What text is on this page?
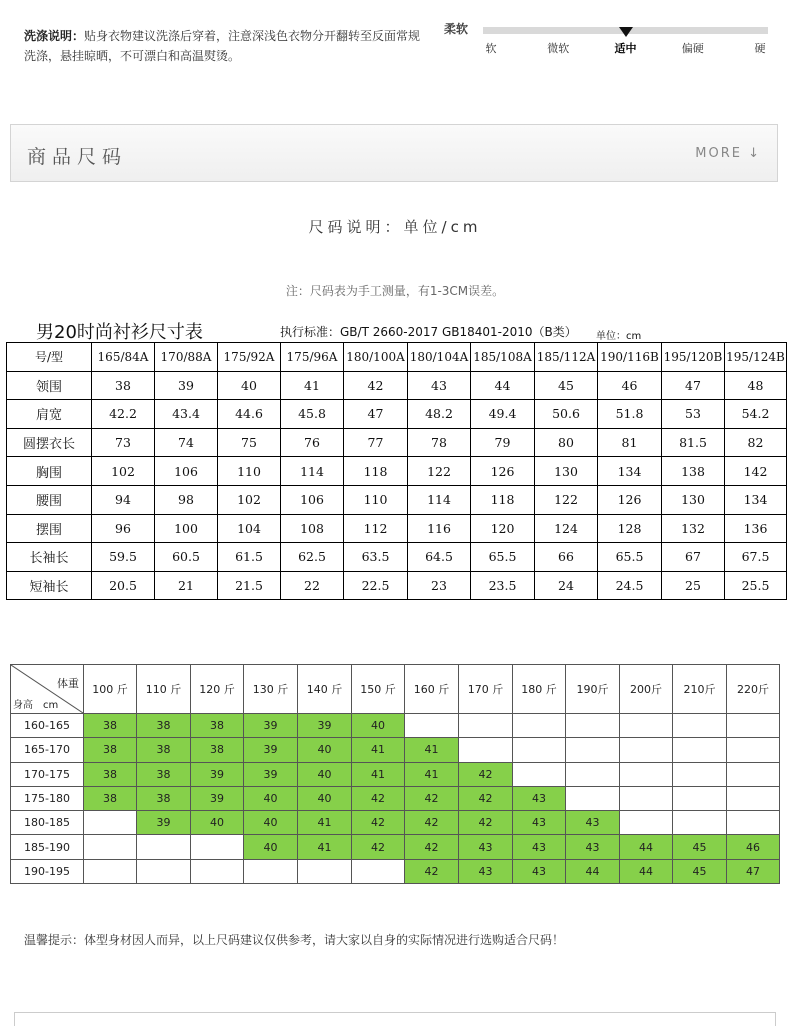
洗涤说明：贴身衣物建议洗涤后穿着，注意深浅色衣物分开翻转至反面常规洗涤，悬挂晾晒，不可漂白和高温熨烫。
柔软
软	微软	适中	偏硬	硬
商品尺码	MORE ↓
尺码说明：单位/cm
注：尺码表为手工测量，有1-3CM误差。
男20时尚衬衫尺寸表	执行标准：GB/T 2660-2017 GB18401-2010（B类） 单位：cm
号/型	165/84A	170/88A	175/92A	175/96A	180/100A	180/104A	185/108A	185/112A	190/116B	195/120B	195/124B
领围	38	39	40	41	42	43	44	45	46	47	48
肩宽	42.2	43.4	44.6	45.8	47	48.2	49.4	50.6	51.8	53	54.2
圆摆衣长	73	74	75	76	77	78	79	80	81	81.5	82
胸围	102	106	110	114	118	122	126	130	134	138	142
腰围	94	98	102	106	110	114	118	122	126	130	134
摆围	96	100	104	108	112	116	120	124	128	132	136
长袖长	59.5	60.5	61.5	62.5	63.5	64.5	65.5	66	65.5	67	67.5
短袖长	20.5	21	21.5	22	22.5	23	23.5	24	24.5	25	25.5
体重
身高　cm	100 斤	110 斤	120 斤	130 斤	140 斤	150 斤	160 斤	170 斤	180 斤	190斤	200斤	210斤	220斤
160-165	38	38	38	39	39	40							
165-170	38	38	38	39	40	41	41						
170-175	38	38	39	39	40	41	41	42					
175-180	38	38	39	40	40	42	42	42	43				
180-185		39	40	40	41	42	42	42	43	43			
185-190				40	41	42	42	43	43	43	44	45	46
190-195							42	43	43	44	44	45	47
温馨提示：体型身材因人而异，以上尺码建议仅供参考，请大家以自身的实际情况进行选购适合尺码！
